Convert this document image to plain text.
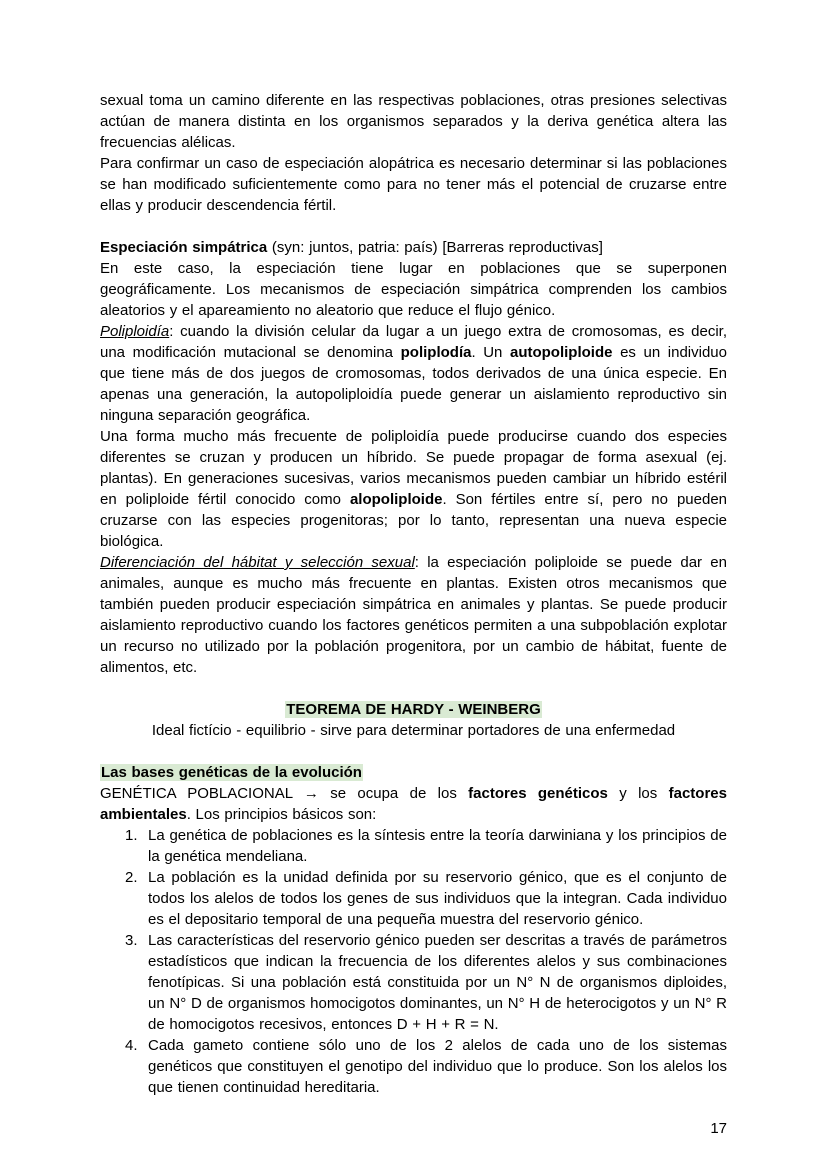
sexual toma un camino diferente en las respectivas poblaciones, otras presiones selectivas actúan de manera distinta en los organismos separados y la deriva genética altera las frecuencias alélicas.

Para confirmar un caso de especiación alopátrica es necesario determinar si las poblaciones se han modificado suficientemente como para no tener más el potencial de cruzarse entre ellas y producir descendencia fértil.

Especiación simpátrica (syn: juntos, patria: país) [Barreras reproductivas]

En este caso, la especiación tiene lugar en poblaciones que se superponen geográficamente. Los mecanismos de especiación simpátrica comprenden los cambios aleatorios y el apareamiento no aleatorio que reduce el flujo génico.

Poliploidía: cuando la división celular da lugar a un juego extra de cromosomas, es decir, una modificación mutacional se denomina poliplodía. Un autopoliploide es un individuo que tiene más de dos juegos de cromosomas, todos derivados de una única especie. En apenas una generación, la autopoliploidía puede generar un aislamiento reproductivo sin ninguna separación geográfica.

Una forma mucho más frecuente de poliploidía puede producirse cuando dos especies diferentes se cruzan y producen un híbrido. Se puede propagar de forma asexual (ej. plantas). En generaciones sucesivas, varios mecanismos pueden cambiar un híbrido estéril en poliploide fértil conocido como alopoliploide. Son fértiles entre sí, pero no pueden cruzarse con las especies progenitoras; por lo tanto, representan una nueva especie biológica.

Diferenciación del hábitat y selección sexual: la especiación poliploide se puede dar en animales, aunque es mucho más frecuente en plantas. Existen otros mecanismos que también pueden producir especiación simpátrica en animales y plantas. Se puede producir aislamiento reproductivo cuando los factores genéticos permiten a una subpoblación explotar un recurso no utilizado por la población progenitora, por un cambio de hábitat, fuente de alimentos, etc.

TEOREMA DE HARDY - WEINBERG

Ideal fictício - equilibrio - sirve para determinar portadores de una enfermedad

Las bases genéticas de la evolución

GENÉTICA POBLACIONAL → se ocupa de los factores genéticos y los factores ambientales. Los principios básicos son:

1. La genética de poblaciones es la síntesis entre la teoría darwiniana y los principios de la genética mendeliana.
2. La población es la unidad definida por su reservorio génico, que es el conjunto de todos los alelos de todos los genes de sus individuos que la integran. Cada individuo es el depositario temporal de una pequeña muestra del reservorio génico.
3. Las características del reservorio génico pueden ser descritas a través de parámetros estadísticos que indican la frecuencia de los diferentes alelos y sus combinaciones fenotípicas. Si una población está constituida por un N° N de organismos diploides, un N° D de organismos homocigotos dominantes, un N° H de heterocigotos y un N° R de homocigotos recesivos, entonces D + H + R = N.
4. Cada gameto contiene sólo uno de los 2 alelos de cada uno de los sistemas genéticos que constituyen el genotipo del individuo que lo produce. Son los alelos los que tienen continuidad hereditaria.
17
